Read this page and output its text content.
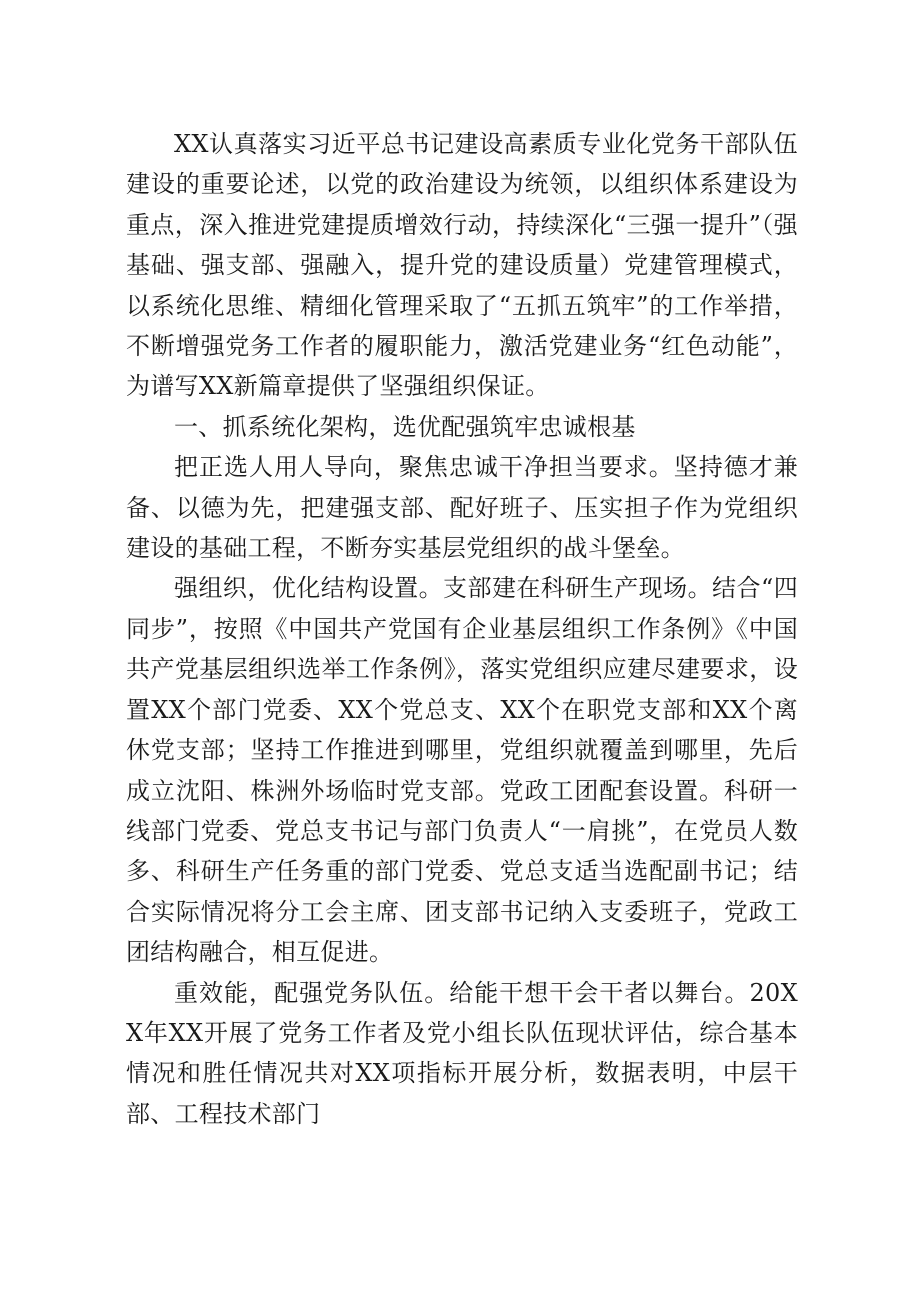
XX认真落实习近平总书记建设高素质专业化党务干部队伍建设的重要论述，以党的政治建设为统领，以组织体系建设为重点，深入推进党建提质增效行动，持续深化“三强一提升”（强基础、强支部、强融入，提升党的建设质量）党建管理模式，以系统化思维、精细化管理采取了“五抓五筑牢”的工作举措，不断增强党务工作者的履职能力，激活党建业务“红色动能”，为谱写XX新篇章提供了坚强组织保证。

一、抓系统化架构，选优配强筑牢忠诚根基

把正选人用人导向，聚焦忠诚干净担当要求。坚持德才兼备、以德为先，把建强支部、配好班子、压实担子作为党组织建设的基础工程，不断夯实基层党组织的战斗堡垒。

强组织，优化结构设置。支部建在科研生产现场。结合“四同步”，按照《中国共产党国有企业基层组织工作条例》《中国共产党基层组织选举工作条例》，落实党组织应建尽建要求，设置XX个部门党委、XX个党总支、XX个在职党支部和XX个离休党支部；坚持工作推进到哪里，党组织就覆盖到哪里，先后成立沈阳、株洲外场临时党支部。党政工团配套设置。科研一线部门党委、党总支书记与部门负责人“一肩挑”，在党员人数多、科研生产任务重的部门党委、党总支适当选配副书记；结合实际情况将分工会主席、团支部书记纳入支委班子，党政工团结构融合，相互促进。

重效能，配强党务队伍。给能干想干会干者以舞台。20XX年XX开展了党务工作者及党小组长队伍现状评估，综合基本情况和胜任情况共对XX项指标开展分析，数据表明，中层干部、工程技术部门
